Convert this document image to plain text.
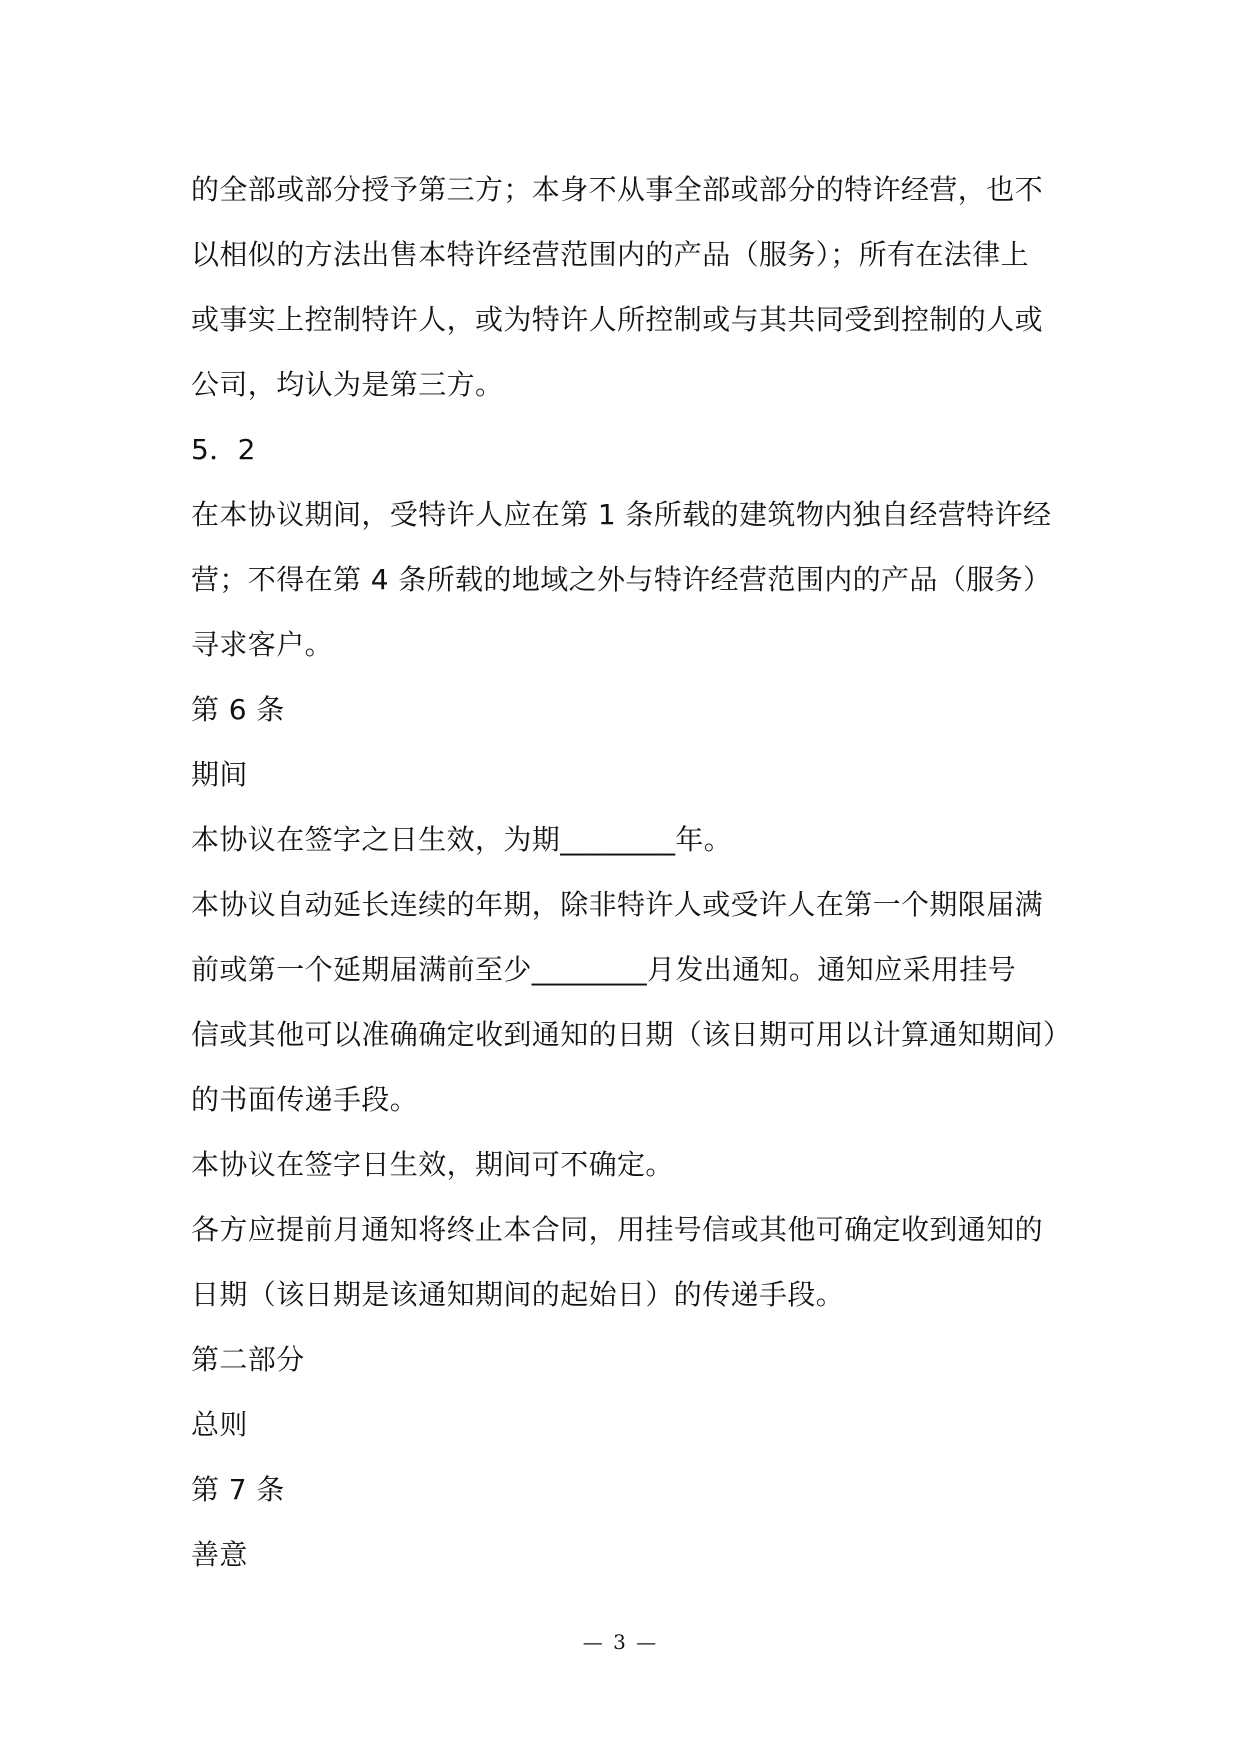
的全部或部分授予第三方；本身不从事全部或部分的特许经营，也不
以相似的方法出售本特许经营范围内的产品（服务）；所有在法律上
或事实上控制特许人，或为特许人所控制或与其共同受到控制的人或
公司，均认为是第三方。
5．2
在本协议期间，受特许人应在第 1 条所载的建筑物内独自经营特许经
营；不得在第 4 条所载的地域之外与特许经营范围内的产品（服务）
寻求客户。
第 6 条
期间
本协议在签字之日生效，为期________年。
本协议自动延长连续的年期，除非特许人或受许人在第一个期限届满
前或第一个延期届满前至少________月发出通知。通知应采用挂号
信或其他可以准确确定收到通知的日期（该日期可用以计算通知期间）
的书面传递手段。
本协议在签字日生效，期间可不确定。
各方应提前月通知将终止本合同，用挂号信或其他可确定收到通知的
日期（该日期是该通知期间的起始日）的传递手段。
第二部分
总则
第 7 条
善意
— 3 —
